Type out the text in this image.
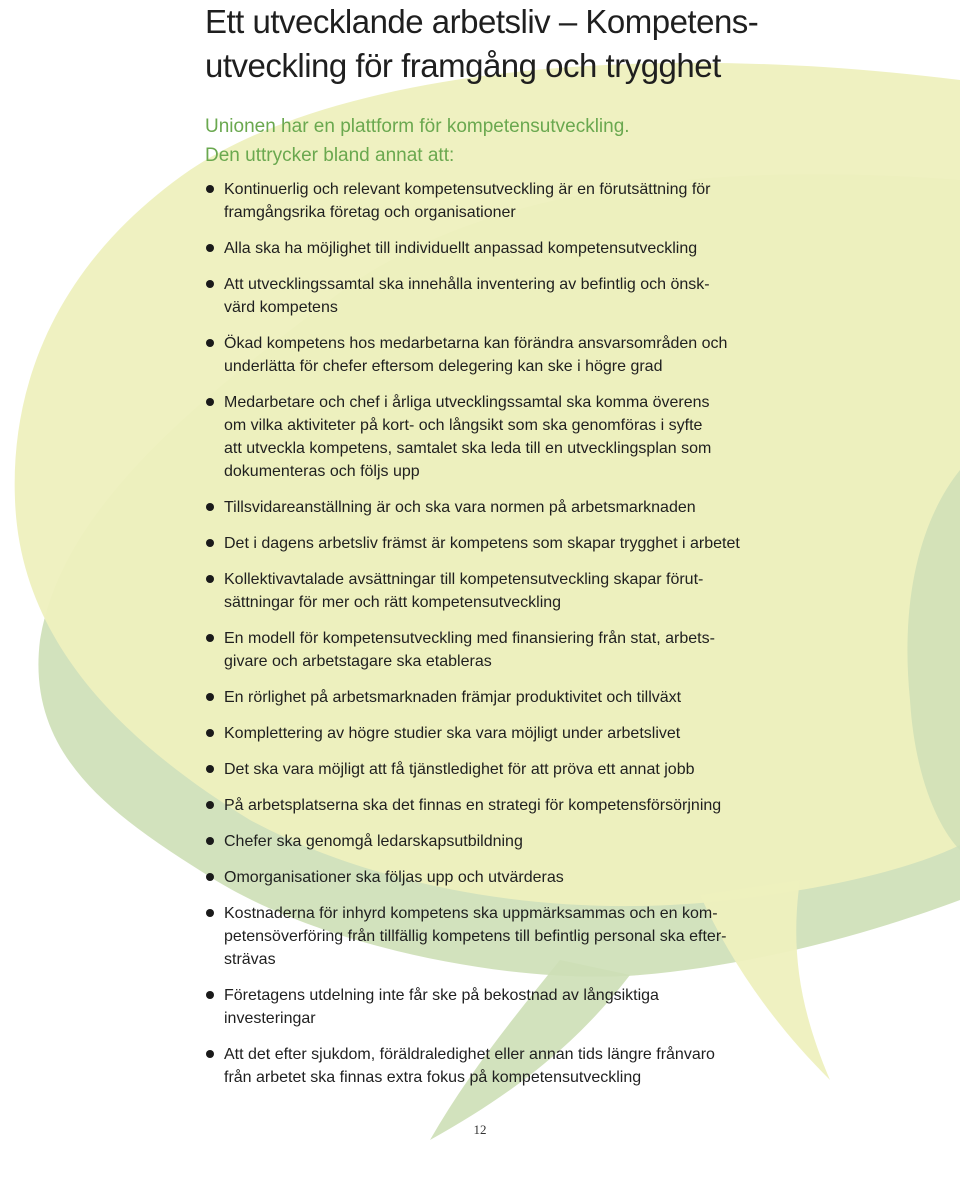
Ett utvecklande arbetsliv – Kompetens-
utveckling för framgång och trygghet
Unionen har en plattform för kompetensutveckling.
Den uttrycker bland annat att:
Kontinuerlig och relevant kompetensutveckling är en förutsättning för
framgångsrika företag och organisationer
Alla ska ha möjlighet till individuellt anpassad kompetensutveckling
Att utvecklingssamtal ska innehålla inventering av befintlig och önsk-
värd kompetens
Ökad kompetens hos medarbetarna kan förändra ansvarsområden och
underlätta för chefer eftersom delegering kan ske i högre grad
Medarbetare och chef i årliga utvecklingssamtal ska komma överens
om vilka aktiviteter på kort- och långsikt som ska genomföras i syfte
att utveckla kompetens, samtalet ska leda till en utvecklingsplan som
dokumenteras och följs upp
Tillsvidareanställning är och ska vara normen på arbetsmarknaden
Det i dagens arbetsliv främst är kompetens som skapar trygghet i arbetet
Kollektivavtalade avsättningar till kompetensutveckling skapar förut-
sättningar för mer och rätt kompetensutveckling
En modell för kompetensutveckling med finansiering från stat, arbets-
givare och arbetstagare ska etableras
En rörlighet på arbetsmarknaden främjar produktivitet och tillväxt
Komplettering av högre studier ska vara möjligt under arbetslivet
Det ska vara möjligt att få tjänstledighet för att pröva ett annat jobb
På arbetsplatserna ska det finnas en strategi för kompetensförsörjning
Chefer ska genomgå ledarskapsutbildning
Omorganisationer ska följas upp och utvärderas
Kostnaderna för inhyrd kompetens ska uppmärksammas och en kom-
petensöverföring från tillfällig kompetens till befintlig personal ska efter-
strävas
Företagens utdelning inte får ske på bekostnad av långsiktiga
investeringar
Att det efter sjukdom, föräldraledighet eller annan tids längre frånvaro
från arbetet ska finnas extra fokus på kompetensutveckling
12
